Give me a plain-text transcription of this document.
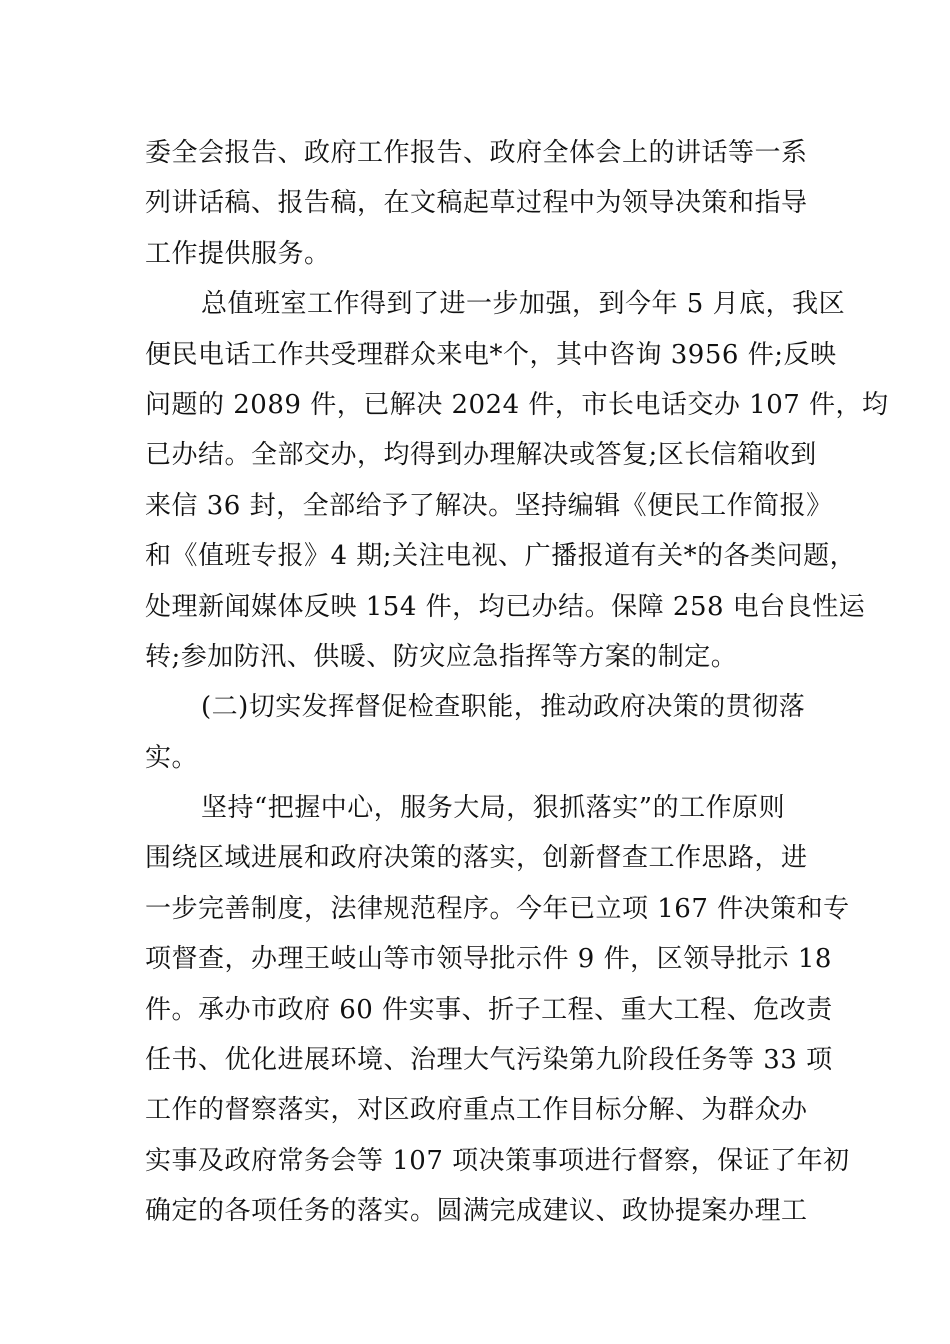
委全会报告、政府工作报告、政府全体会上的讲话等一系
列讲话稿、报告稿，在文稿起草过程中为领导决策和指导
工作提供服务。
总值班室工作得到了进一步加强，到今年 5 月底，我区
便民电话工作共受理群众来电*个，其中咨询 3956 件;反映
问题的 2089 件，已解决 2024 件，市长电话交办 107 件，均
已办结。全部交办，均得到办理解决或答复;区长信箱收到
来信 36 封，全部给予了解决。坚持编辑《便民工作简报》
和《值班专报》4 期;关注电视、广播报道有关*的各类问题，
处理新闻媒体反映 154 件，均已办结。保障 258 电台良性运
转;参加防汛、供暖、防灾应急指挥等方案的制定。
(二)切实发挥督促检查职能，推动政府决策的贯彻落
实。
坚持“把握中心，服务大局，狠抓落实”的工作原则
围绕区域进展和政府决策的落实，创新督查工作思路，进
一步完善制度，法律规范程序。今年已立项 167 件决策和专
项督查，办理王岐山等市领导批示件 9 件，区领导批示 18
件。承办市政府 60 件实事、折子工程、重大工程、危改责
任书、优化进展环境、治理大气污染第九阶段任务等 33 项
工作的督察落实，对区政府重点工作目标分解、为群众办
实事及政府常务会等 107 项决策事项进行督察，保证了年初
确定的各项任务的落实。圆满完成建议、政协提案办理工
